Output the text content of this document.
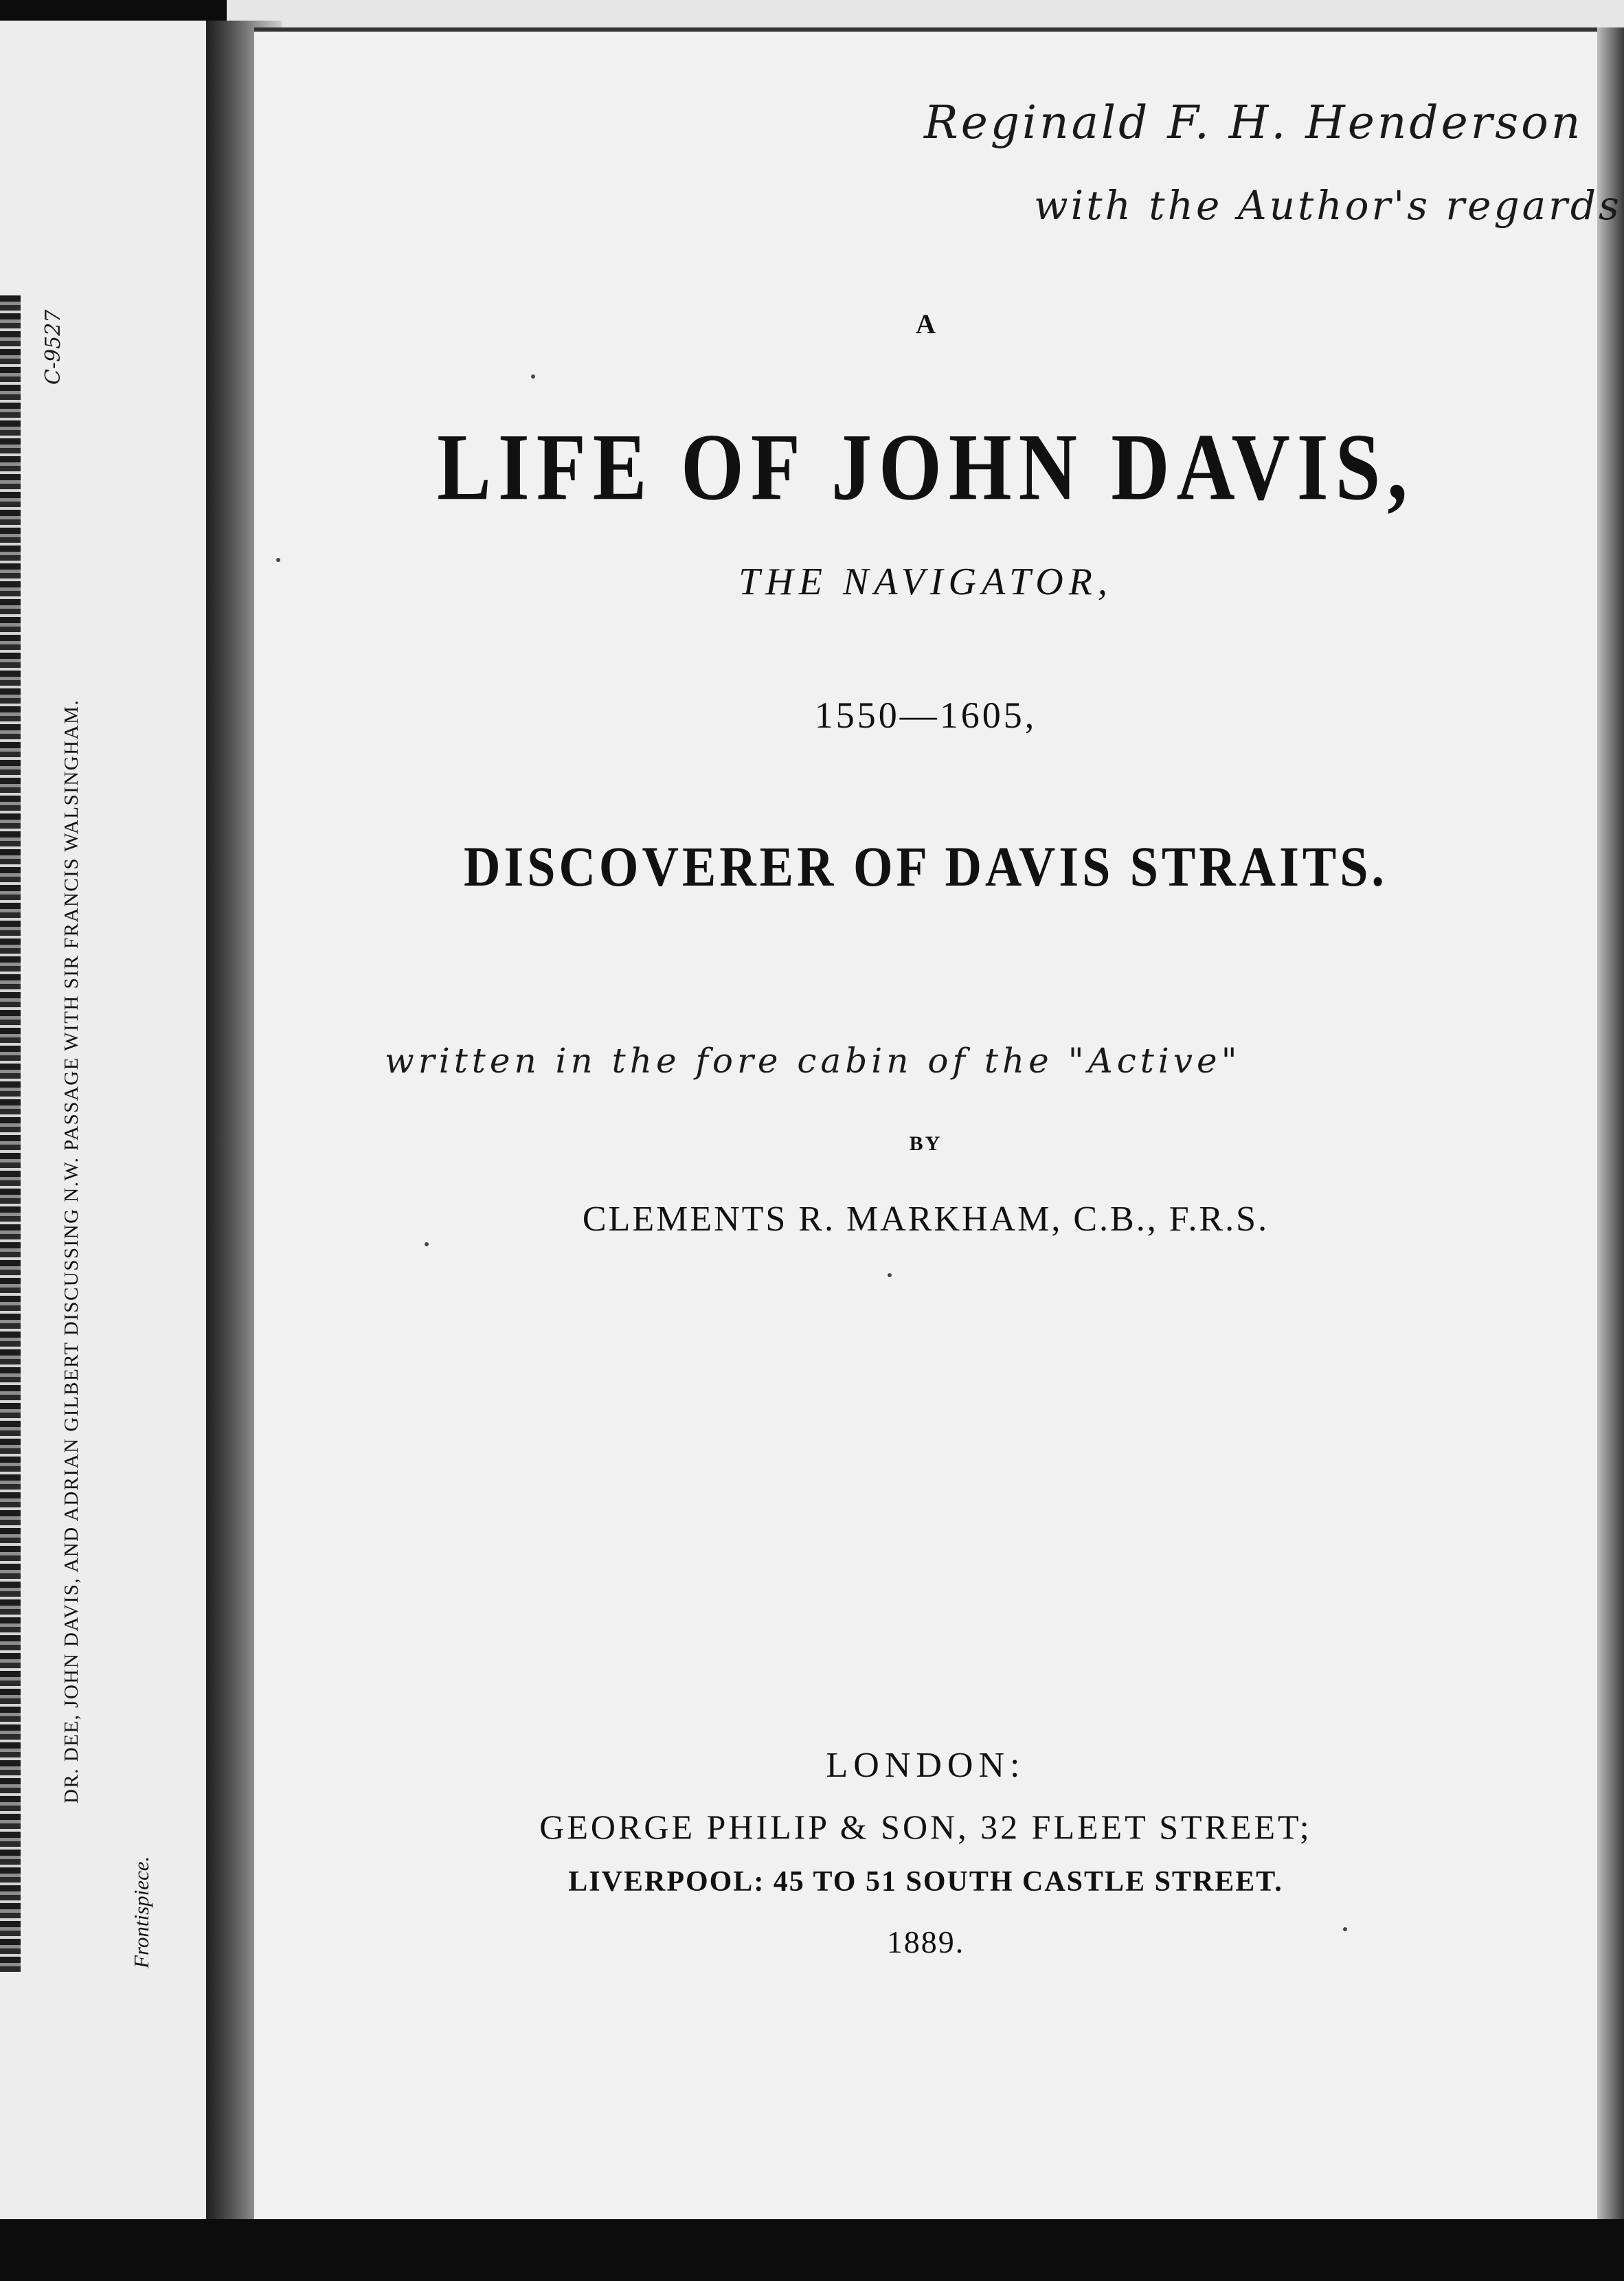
DR. DEE, JOHN DAVIS, AND ADRIAN GILBERT DISCUSSING N.W. PASSAGE WITH SIR FRANCIS WALSINGHAM.
Frontispiece.
Reginald F. H. Henderson
with the Author's regards
A
LIFE OF JOHN DAVIS,
THE NAVIGATOR,
1550—1605,
DISCOVERER OF DAVIS STRAITS.
written in the fore cabin of the "Active"
BY
CLEMENTS R. MARKHAM, C.B., F.R.S.
LONDON:
GEORGE PHILIP & SON, 32 FLEET STREET;
LIVERPOOL: 45 TO 51 SOUTH CASTLE STREET.
1889.
